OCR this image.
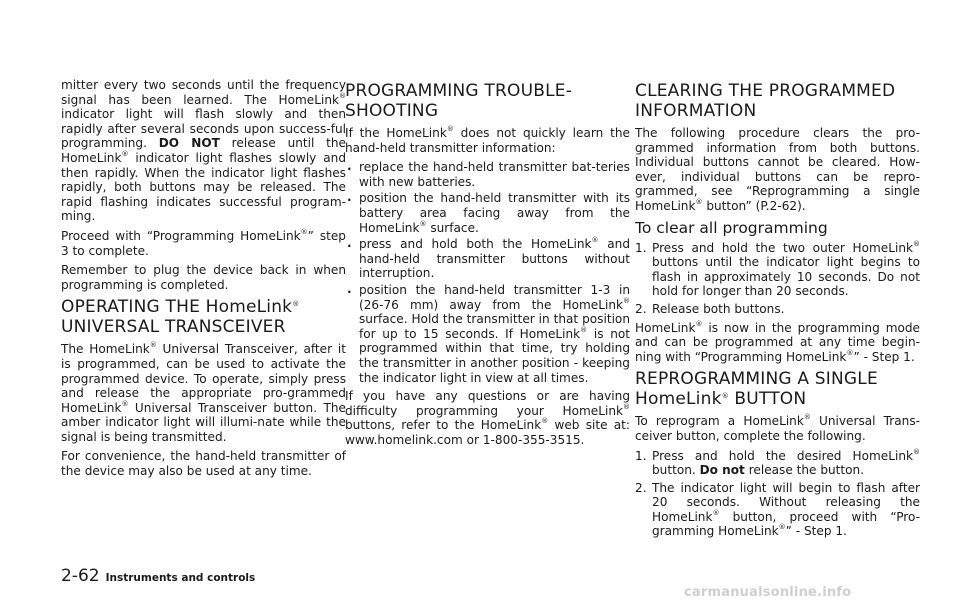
mitter every two seconds until the frequency signal has been learned. The HomeLink® indicator light will flash slowly and then rapidly after several seconds upon success-ful programming. DO NOT release until the HomeLink® indicator light flashes slowly and then rapidly. When the indicator light flashes rapidly, both buttons may be released. The rapid flashing indicates successful program-ming.

Proceed with “Programming HomeLink®” step 3 to complete.

Remember to plug the device back in when programming is completed.

OPERATING THE HomeLink®
UNIVERSAL TRANSCEIVER

The HomeLink® Universal Transceiver, after it is programmed, can be used to activate the programmed device. To operate, simply press and release the appropriate pro-grammed HomeLink® Universal Transceiver button. The amber indicator light will illumi-nate while the signal is being transmitted.

For convenience, the hand-held transmitter of the device may also be used at any time.

PROGRAMMING TROUBLE-SHOOTING

If the HomeLink® does not quickly learn the hand-held transmitter information:

. replace the hand-held transmitter bat-teries with new batteries.
. position the hand-held transmitter with its battery area facing away from the HomeLink® surface.
. press and hold both the HomeLink® and hand-held transmitter buttons without interruption.
. position the hand-held transmitter 1-3 in (26-76 mm) away from the HomeLink® surface. Hold the transmitter in that position for up to 15 seconds. If HomeLink® is not programmed within that time, try holding the transmitter in another position - keeping the indicator light in view at all times.

If you have any questions or are having difficulty programming your HomeLink® buttons, refer to the HomeLink® web site at: www.homelink.com or 1-800-355-3515.

CLEARING THE PROGRAMMED INFORMATION

The following procedure clears the pro-grammed information from both buttons. Individual buttons cannot be cleared. How-ever, individual buttons can be repro-grammed, see “Reprogramming a single HomeLink® button” (P.2-62).

To clear all programming
1. Press and hold the two outer HomeLink® buttons until the indicator light begins to flash in approximately 10 seconds. Do not hold for longer than 20 seconds.
2. Release both buttons.

HomeLink® is now in the programming mode and can be programmed at any time begin-ning with “Programming HomeLink®” - Step 1.

REPROGRAMMING A SINGLE
HomeLink® BUTTON

To reprogram a HomeLink® Universal Trans-ceiver button, complete the following.

1. Press and hold the desired HomeLink® button. Do not release the button.
2. The indicator light will begin to flash after 20 seconds. Without releasing the HomeLink® button, proceed with “Pro-gramming HomeLink®” - Step 1.
2-62 Instruments and controls
carmanualsonline.info
